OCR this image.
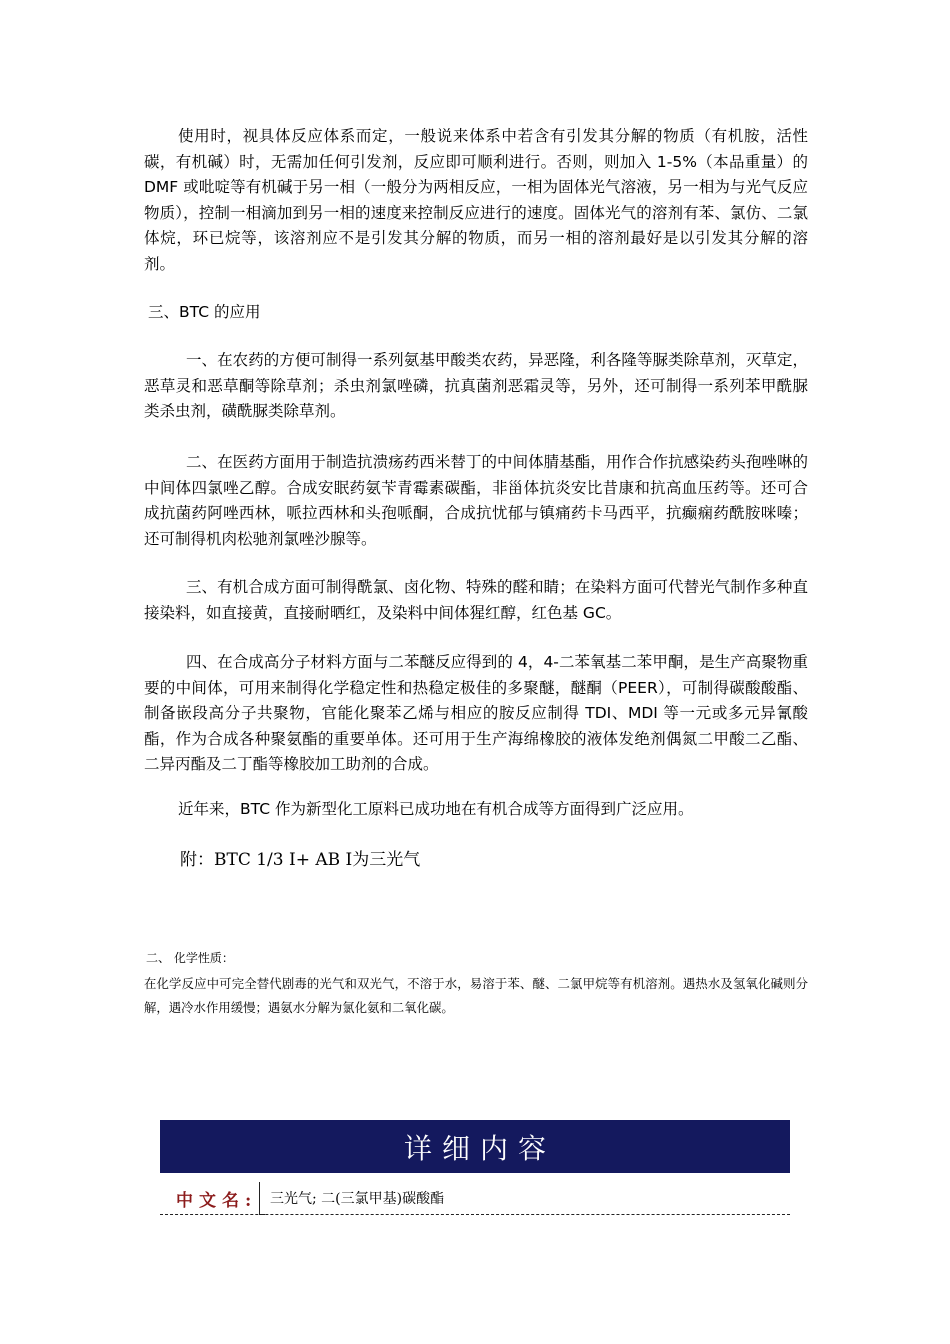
使用时，视具体反应体系而定，一般说来体系中若含有引发其分解的物质（有机胺，活性碳，有机碱）时，无需加任何引发剂，反应即可顺利进行。否则，则加入 1-5%（本品重量）的 DMF 或吡啶等有机碱于另一相（一般分为两相反应，一相为固体光气溶液，另一相为与光气反应物质），控制一相滴加到另一相的速度来控制反应进行的速度。固体光气的溶剂有苯、氯仿、二氯体烷，环已烷等，该溶剂应不是引发其分解的物质，而另一相的溶剂最好是以引发其分解的溶剂。

三、BTC 的应用

一、在农药的方便可制得一系列氨基甲酸类农药，异恶隆，利各隆等脲类除草剂，灭草定，恶草灵和恶草酮等除草剂；杀虫剂氯唑磷，抗真菌剂恶霜灵等，另外，还可制得一系列苯甲酰脲类杀虫剂，磺酰脲类除草剂。

二、在医药方面用于制造抗溃疡药西米替丁的中间体腈基酯，用作合作抗感染药头孢唑啉的中间体四氯唑乙醇。合成安眠药氨苄青霉素碳酯，非甾体抗炎安比昔康和抗高血压药等。还可合成抗菌药阿唑西林，哌拉西林和头孢哌酮，合成抗忧郁与镇痛药卡马西平，抗癫痫药酰胺咪嗪；还可制得机肉松驰剂氯唑沙腺等。

三、有机合成方面可制得酰氯、卤化物、特殊的醛和睛；在染料方面可代替光气制作多种直接染料，如直接黄，直接耐晒红，及染料中间体猩红醇，红色基 GC。

四、在合成高分子材料方面与二苯醚反应得到的 4，4-二苯氧基二苯甲酮，是生产高聚物重要的中间体，可用来制得化学稳定性和热稳定极佳的多聚醚，醚酮（PEER），可制得碳酸酸酯、制备嵌段高分子共聚物，官能化聚苯乙烯与相应的胺反应制得 TDI、MDI 等一元或多元异氰酸酯，作为合成各种聚氨酯的重要单体。还可用于生产海绵橡胶的液体发绝剂偶氮二甲酸二乙酯、二异丙酯及二丁酯等橡胶加工助剂的合成。

近年来，BTC 作为新型化工原料已成功地在有机合成等方面得到广泛应用。

附：BTC 1/3 I+ AB I为三光气

二、 化学性质：

在化学反应中可完全替代剧毒的光气和双光气，不溶于水，易溶于苯、醚、二氯甲烷等有机溶剂。遇热水及氢氧化碱则分解，遇冷水作用缓慢；遇氨水分解为氯化氨和二氧化碳。

详细内容
中文名: 三光气; 二(三氯甲基)碳酸酯
